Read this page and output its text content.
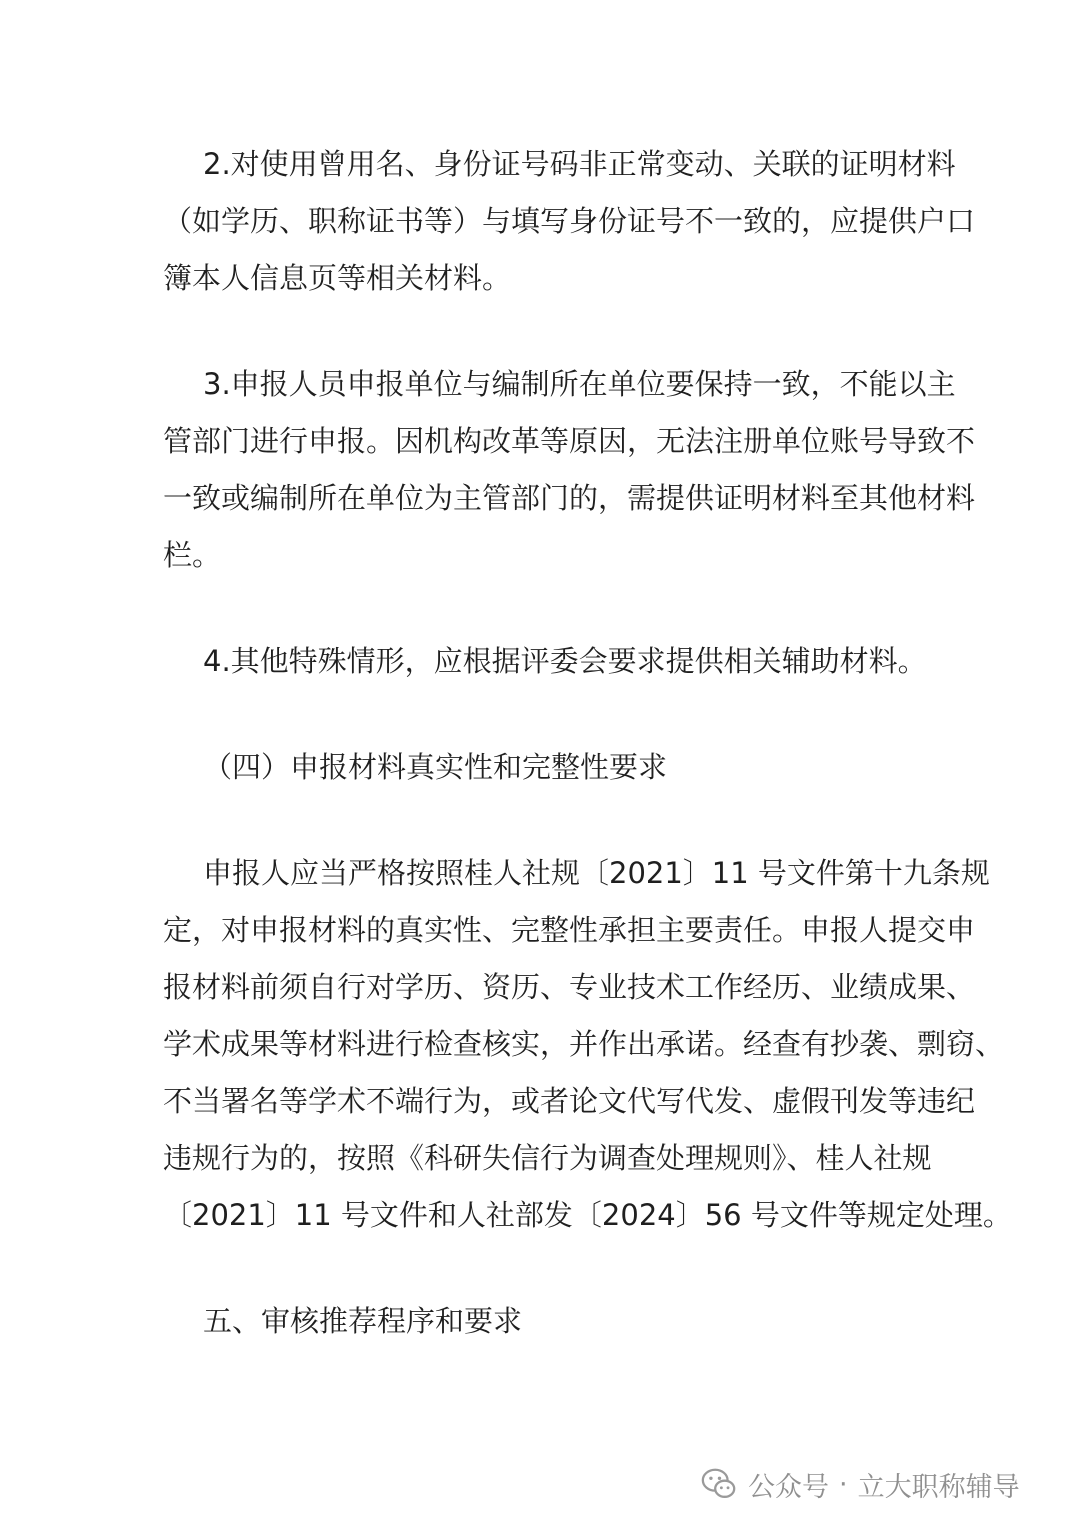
2.对使用曾用名、身份证号码非正常变动、关联的证明材料
（如学历、职称证书等）与填写身份证号不一致的，应提供户口
簿本人信息页等相关材料。

3.申报人员申报单位与编制所在单位要保持一致，不能以主
管部门进行申报。因机构改革等原因，无法注册单位账号导致不
一致或编制所在单位为主管部门的，需提供证明材料至其他材料
栏。

4.其他特殊情形，应根据评委会要求提供相关辅助材料。

（四）申报材料真实性和完整性要求

申报人应当严格按照桂人社规〔2021〕11 号文件第十九条规
定，对申报材料的真实性、完整性承担主要责任。申报人提交申
报材料前须自行对学历、资历、专业技术工作经历、业绩成果、
学术成果等材料进行检查核实，并作出承诺。经查有抄袭、剽窃、
不当署名等学术不端行为，或者论文代写代发、虚假刊发等违纪
违规行为的，按照《科研失信行为调查处理规则》、桂人社规
〔2021〕11 号文件和人社部发〔2024〕56 号文件等规定处理。

五、审核推荐程序和要求

公众号 · 立大职称辅导
